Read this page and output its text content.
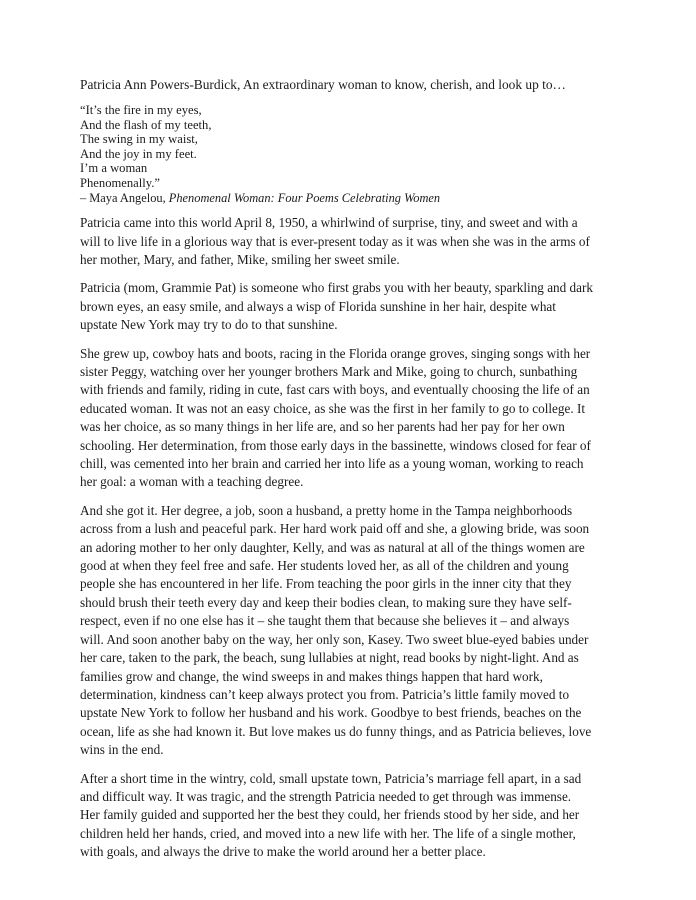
Patricia Ann Powers-Burdick, An extraordinary woman to know, cherish, and look up to…

“It’s the fire in my eyes,
And the flash of my teeth,
The swing in my waist,
And the joy in my feet.
I’m a woman
Phenomenally.”
– Maya Angelou, Phenomenal Woman: Four Poems Celebrating Women

Patricia came into this world April 8, 1950, a whirlwind of surprise, tiny, and sweet and with a
will to live life in a glorious way that is ever-present today as it was when she was in the arms of
her mother, Mary, and father, Mike, smiling her sweet smile.

Patricia (mom, Grammie Pat) is someone who first grabs you with her beauty, sparkling and dark
brown eyes, an easy smile, and always a wisp of Florida sunshine in her hair, despite what
upstate New York may try to do to that sunshine.

She grew up, cowboy hats and boots, racing in the Florida orange groves, singing songs with her
sister Peggy, watching over her younger brothers Mark and Mike, going to church, sunbathing
with friends and family, riding in cute, fast cars with boys, and eventually choosing the life of an
educated woman. It was not an easy choice, as she was the first in her family to go to college. It
was her choice, as so many things in her life are, and so her parents had her pay for her own
schooling. Her determination, from those early days in the bassinette, windows closed for fear of
chill, was cemented into her brain and carried her into life as a young woman, working to reach
her goal: a woman with a teaching degree.

And she got it. Her degree, a job, soon a husband, a pretty home in the Tampa neighborhoods
across from a lush and peaceful park. Her hard work paid off and she, a glowing bride, was soon
an adoring mother to her only daughter, Kelly, and was as natural at all of the things women are
good at when they feel free and safe. Her students loved her, as all of the children and young
people she has encountered in her life. From teaching the poor girls in the inner city that they
should brush their teeth every day and keep their bodies clean, to making sure they have self-
respect, even if no one else has it – she taught them that because she believes it – and always
will. And soon another baby on the way, her only son, Kasey. Two sweet blue-eyed babies under
her care, taken to the park, the beach, sung lullabies at night, read books by night-light. And as
families grow and change, the wind sweeps in and makes things happen that hard work,
determination, kindness can’t keep always protect you from. Patricia’s little family moved to
upstate New York to follow her husband and his work. Goodbye to best friends, beaches on the
ocean, life as she had known it. But love makes us do funny things, and as Patricia believes, love
wins in the end.

After a short time in the wintry, cold, small upstate town, Patricia’s marriage fell apart, in a sad
and difficult way. It was tragic, and the strength Patricia needed to get through was immense.
Her family guided and supported her the best they could, her friends stood by her side, and her
children held her hands, cried, and moved into a new life with her. The life of a single mother,
with goals, and always the drive to make the world around her a better place.
